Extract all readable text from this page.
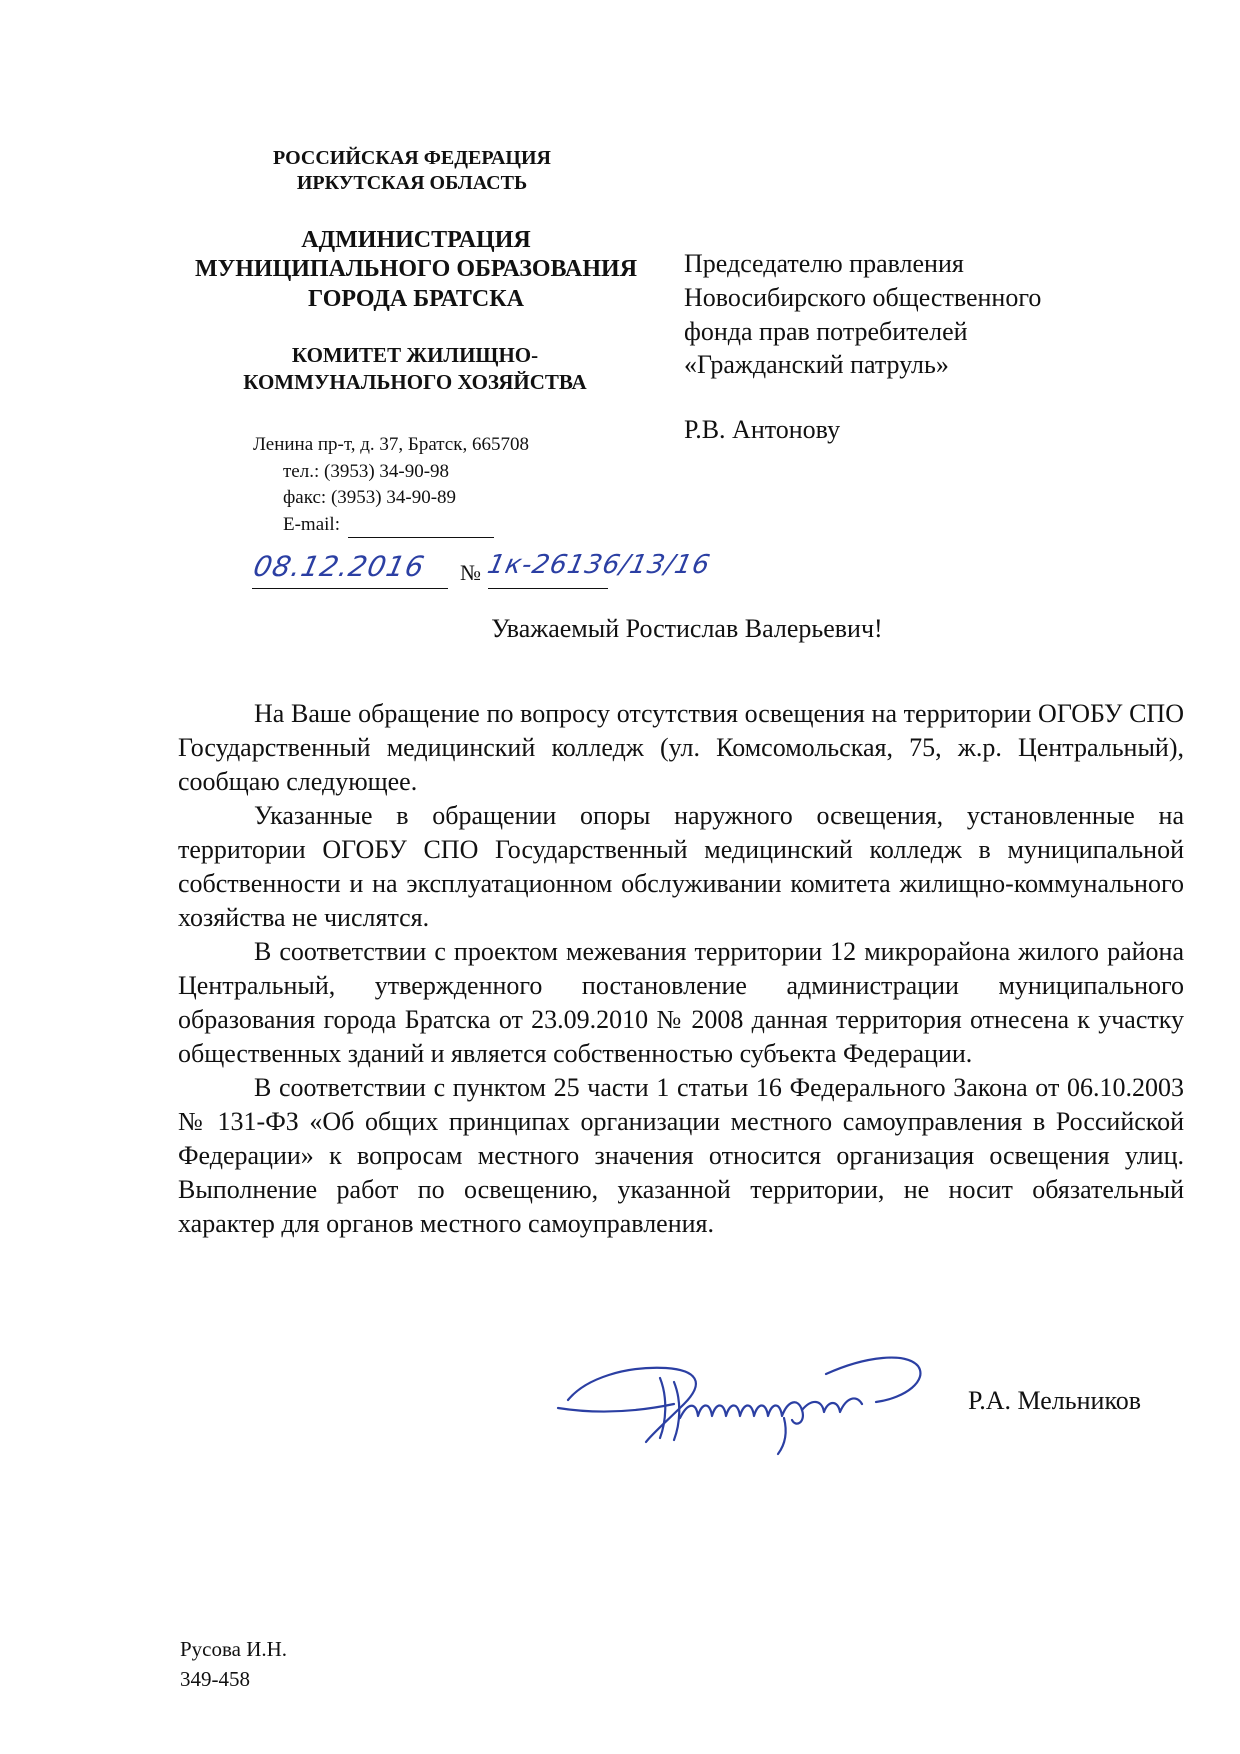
РОССИЙСКАЯ ФЕДЕРАЦИЯ
ИРКУТСКАЯ ОБЛАСТЬ
АДМИНИСТРАЦИЯ
МУНИЦИПАЛЬНОГО ОБРАЗОВАНИЯ
ГОРОДА БРАТСКА
КОМИТЕТ ЖИЛИЩНО-
КОММУНАЛЬНОГО ХОЗЯЙСТВА
Ленина пр-т, д. 37, Братск, 665708
тел.: (3953) 34-90-98
факс: (3953) 34-90-89
E-mail:
08.12.2016 № 1к-26136/13/16
Председателю правления
Новосибирского общественного
фонда прав потребителей
«Гражданский патруль»
Р.В. Антонову
Уважаемый Ростислав Валерьевич!

На Ваше обращение по вопросу отсутствия освещения на территории ОГОБУ СПО Государственный медицинский колледж (ул. Комсомольская, 75, ж.р. Центральный), сообщаю следующее.

Указанные в обращении опоры наружного освещения, установленные на территории ОГОБУ СПО Государственный медицинский колледж в муниципальной собственности и на эксплуатационном обслуживании комитета жилищно-коммунального хозяйства не числятся.

В соответствии с проектом межевания территории 12 микрорайона жилого района Центральный, утвержденного постановление администрации муниципального образования города Братска от 23.09.2010 № 2008 данная территория отнесена к участку общественных зданий и является собственностью субъекта Федерации.

В соответствии с пунктом 25 части 1 статьи 16 Федерального Закона от 06.10.2003 № 131-ФЗ «Об общих принципах организации местного самоуправления в Российской Федерации» к вопросам местного значения относится организация освещения улиц. Выполнение работ по освещению, указанной территории, не носит обязательный характер для органов местного самоуправления.

Р.А. Мельников
Русова И.Н.
349-458
